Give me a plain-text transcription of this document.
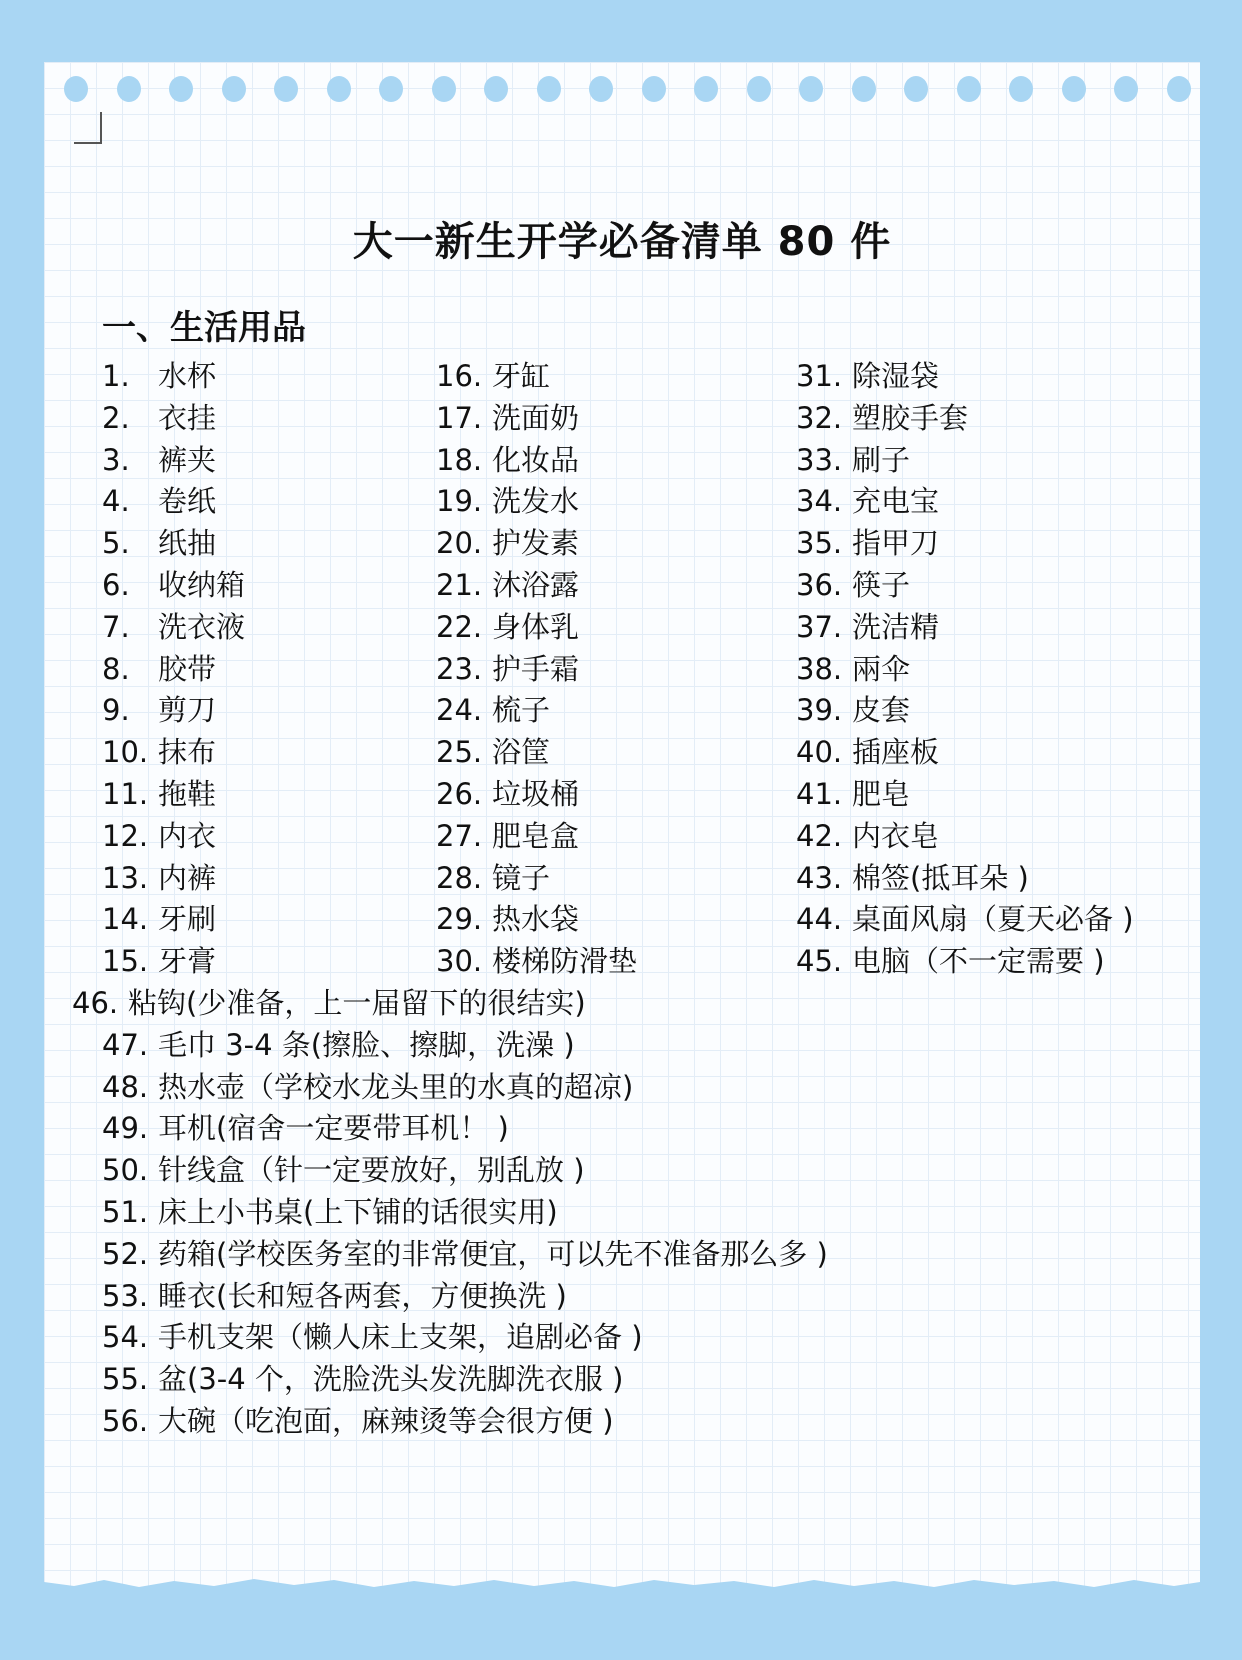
大一新生开学必备清单 80 件
一、生活用品
1. 水杯
2. 衣挂
3. 裤夹
4. 卷纸
5. 纸抽
6. 收纳箱
7. 洗衣液
8. 胶带
9. 剪刀
10. 抹布
11. 拖鞋
12. 内衣
13. 内裤
14. 牙刷
15. 牙膏
16. 牙缸
17. 洗面奶
18. 化妆品
19. 洗发水
20. 护发素
21. 沐浴露
22. 身体乳
23. 护手霜
24. 梳子
25. 浴筐
26. 垃圾桶
27. 肥皂盒
28. 镜子
29. 热水袋
30. 楼梯防滑垫
31. 除湿袋
32. 塑胶手套
33. 刷子
34. 充电宝
35. 指甲刀
36. 筷子
37. 洗洁精
38. 兩伞
39. 皮套
40. 插座板
41. 肥皂
42. 内衣皂
43. 棉签(抵耳朵 )
44. 桌面风扇（夏天必备 )
45. 电脑（不一定需要 )
46. 粘钩(少准备，上一届留下的很结实)
47. 毛巾 3-4 条(擦脸、擦脚，洗澡 )
48. 热水壶（学校水龙头里的水真的超凉)
49. 耳机(宿舍一定要带耳机！ )
50. 针线盒（针一定要放好，别乱放 )
51. 床上小书桌(上下铺的话很实用)
52. 药箱(学校医务室的非常便宜，可以先不准备那么多 )
53. 睡衣(长和短各两套，方便换洗 )
54. 手机支架（懒人床上支架，追剧必备 )
55. 盆(3-4 个，洗脸洗头发洗脚洗衣服 )
56. 大碗（吃泡面，麻辣烫等会很方便 )
